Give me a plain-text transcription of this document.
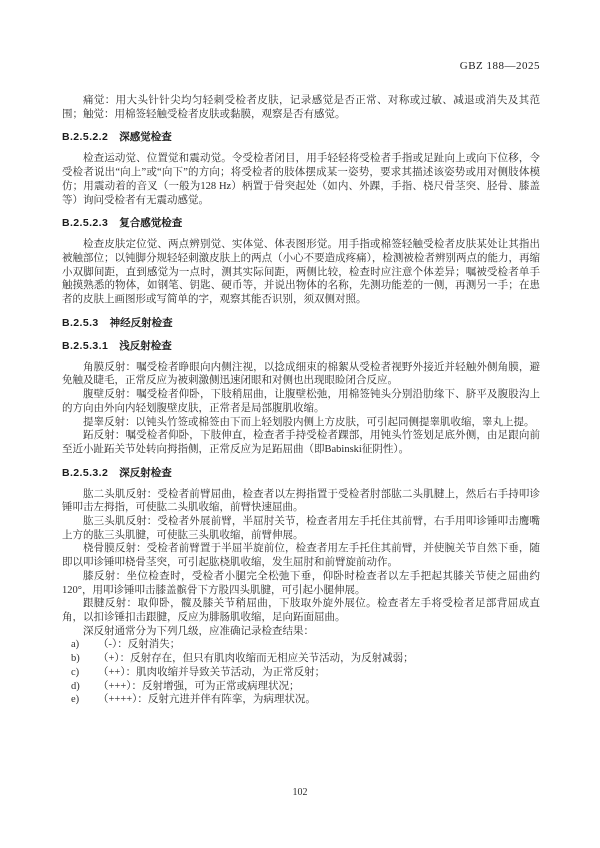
GBZ 188—2025

痛觉：用大头针针尖均匀轻刺受检者皮肤，记录感觉是否正常、对称或过敏、减退或消失及其范围；触觉：用棉签轻触受检者皮肤或黏膜，观察是否有感觉。

B.2.5.2.2 深感觉检查

检查运动觉、位置觉和震动觉。令受检者闭目，用手轻轻将受检者手指或足趾向上或向下位移，令受检者说出“向上”或“向下”的方向；将受检者的肢体摆成某一姿势，要求其描述该姿势或用对侧肢体模仿；用震动着的音叉（一般为128 Hz）柄置于骨突起处（如内、外踝，手指、桡尺骨茎突、胫骨、膝盖等）询问受检者有无震动感觉。

B.2.5.2.3 复合感觉检查

检查皮肤定位觉、两点辨别觉、实体觉、体表图形觉。用手指或棉签轻触受检者皮肤某处让其指出被触部位；以钝脚分规轻轻刺激皮肤上的两点（小心不要造成疼痛），检测被检者辨别两点的能力，再缩小双脚间距，直到感觉为一点时，测其实际间距，两侧比较，检查时应注意个体差异；嘱被受检者单手触摸熟悉的物体，如钢笔、钥匙、硬币等，并说出物体的名称，先测功能差的一侧，再测另一手；在患者的皮肤上画图形或写简单的字，观察其能否识别，须双侧对照。

B.2.5.3 神经反射检查
B.2.5.3.1 浅反射检查

角膜反射：嘱受检者睁眼向内侧注视，以捻成细束的棉絮从受检者视野外接近并轻触外侧角膜，避免触及睫毛，正常反应为被刺激侧迅速闭眼和对侧也出现眼睑闭合反应。

腹壁反射：嘱受检者仰卧，下肢稍屈曲，让腹壁松弛，用棉签钝头分别沿肋缘下、脐平及腹股沟上的方向由外向内轻划腹壁皮肤，正常者是局部腹肌收缩。

提睾反射：以钝头竹签或棉签由下而上轻划股内侧上方皮肤，可引起同侧提睾肌收缩，睾丸上提。

跖反射：嘱受检者仰卧，下肢伸直，检查者手持受检者踝部，用钝头竹签划足底外侧，由足跟向前至近小趾跖关节处转向拇指侧，正常反应为足跖屈曲（即Babinski征阴性）。

B.2.5.3.2 深反射检查

肱二头肌反射：受检者前臂屈曲，检查者以左拇指置于受检者肘部肱二头肌腱上，然后右手持叩诊锤叩击左拇指，可使肱二头肌收缩，前臂快速屈曲。

肱三头肌反射：受检者外展前臂，半屈肘关节，检查者用左手托住其前臂，右手用叩诊锤叩击鹰嘴上方的肱三头肌腱，可使肱三头肌收缩，前臂伸展。

桡骨膜反射：受检者前臂置于半屈半旋前位，检查者用左手托住其前臂，并使腕关节自然下垂，随即以叩诊锤叩桡骨茎突，可引起肱桡肌收缩，发生屈肘和前臂旋前动作。

膝反射：坐位检查时，受检者小腿完全松弛下垂，仰卧时检查者以左手把起其膝关节使之屈曲约120°，用叩诊锤叩击膝盖髌骨下方股四头肌腱，可引起小腿伸展。

跟腱反射：取仰卧，髋及膝关节稍屈曲，下肢取外旋外展位。检查者左手将受检者足部背屈成直角，以扣诊锤扣击跟腱，反应为腓肠肌收缩，足向跖面屈曲。

深反射通常分为下列几级，应准确记录检查结果：

a)	（-）：反射消失；
b)	（+）：反射存在，但只有肌肉收缩而无相应关节活动，为反射减弱；
c)	（++）：肌肉收缩并导致关节活动，为正常反射；
d)	（+++）：反射增强，可为正常或病理状况；
e)	（++++）：反射亢进并伴有阵挛，为病理状况。
102
